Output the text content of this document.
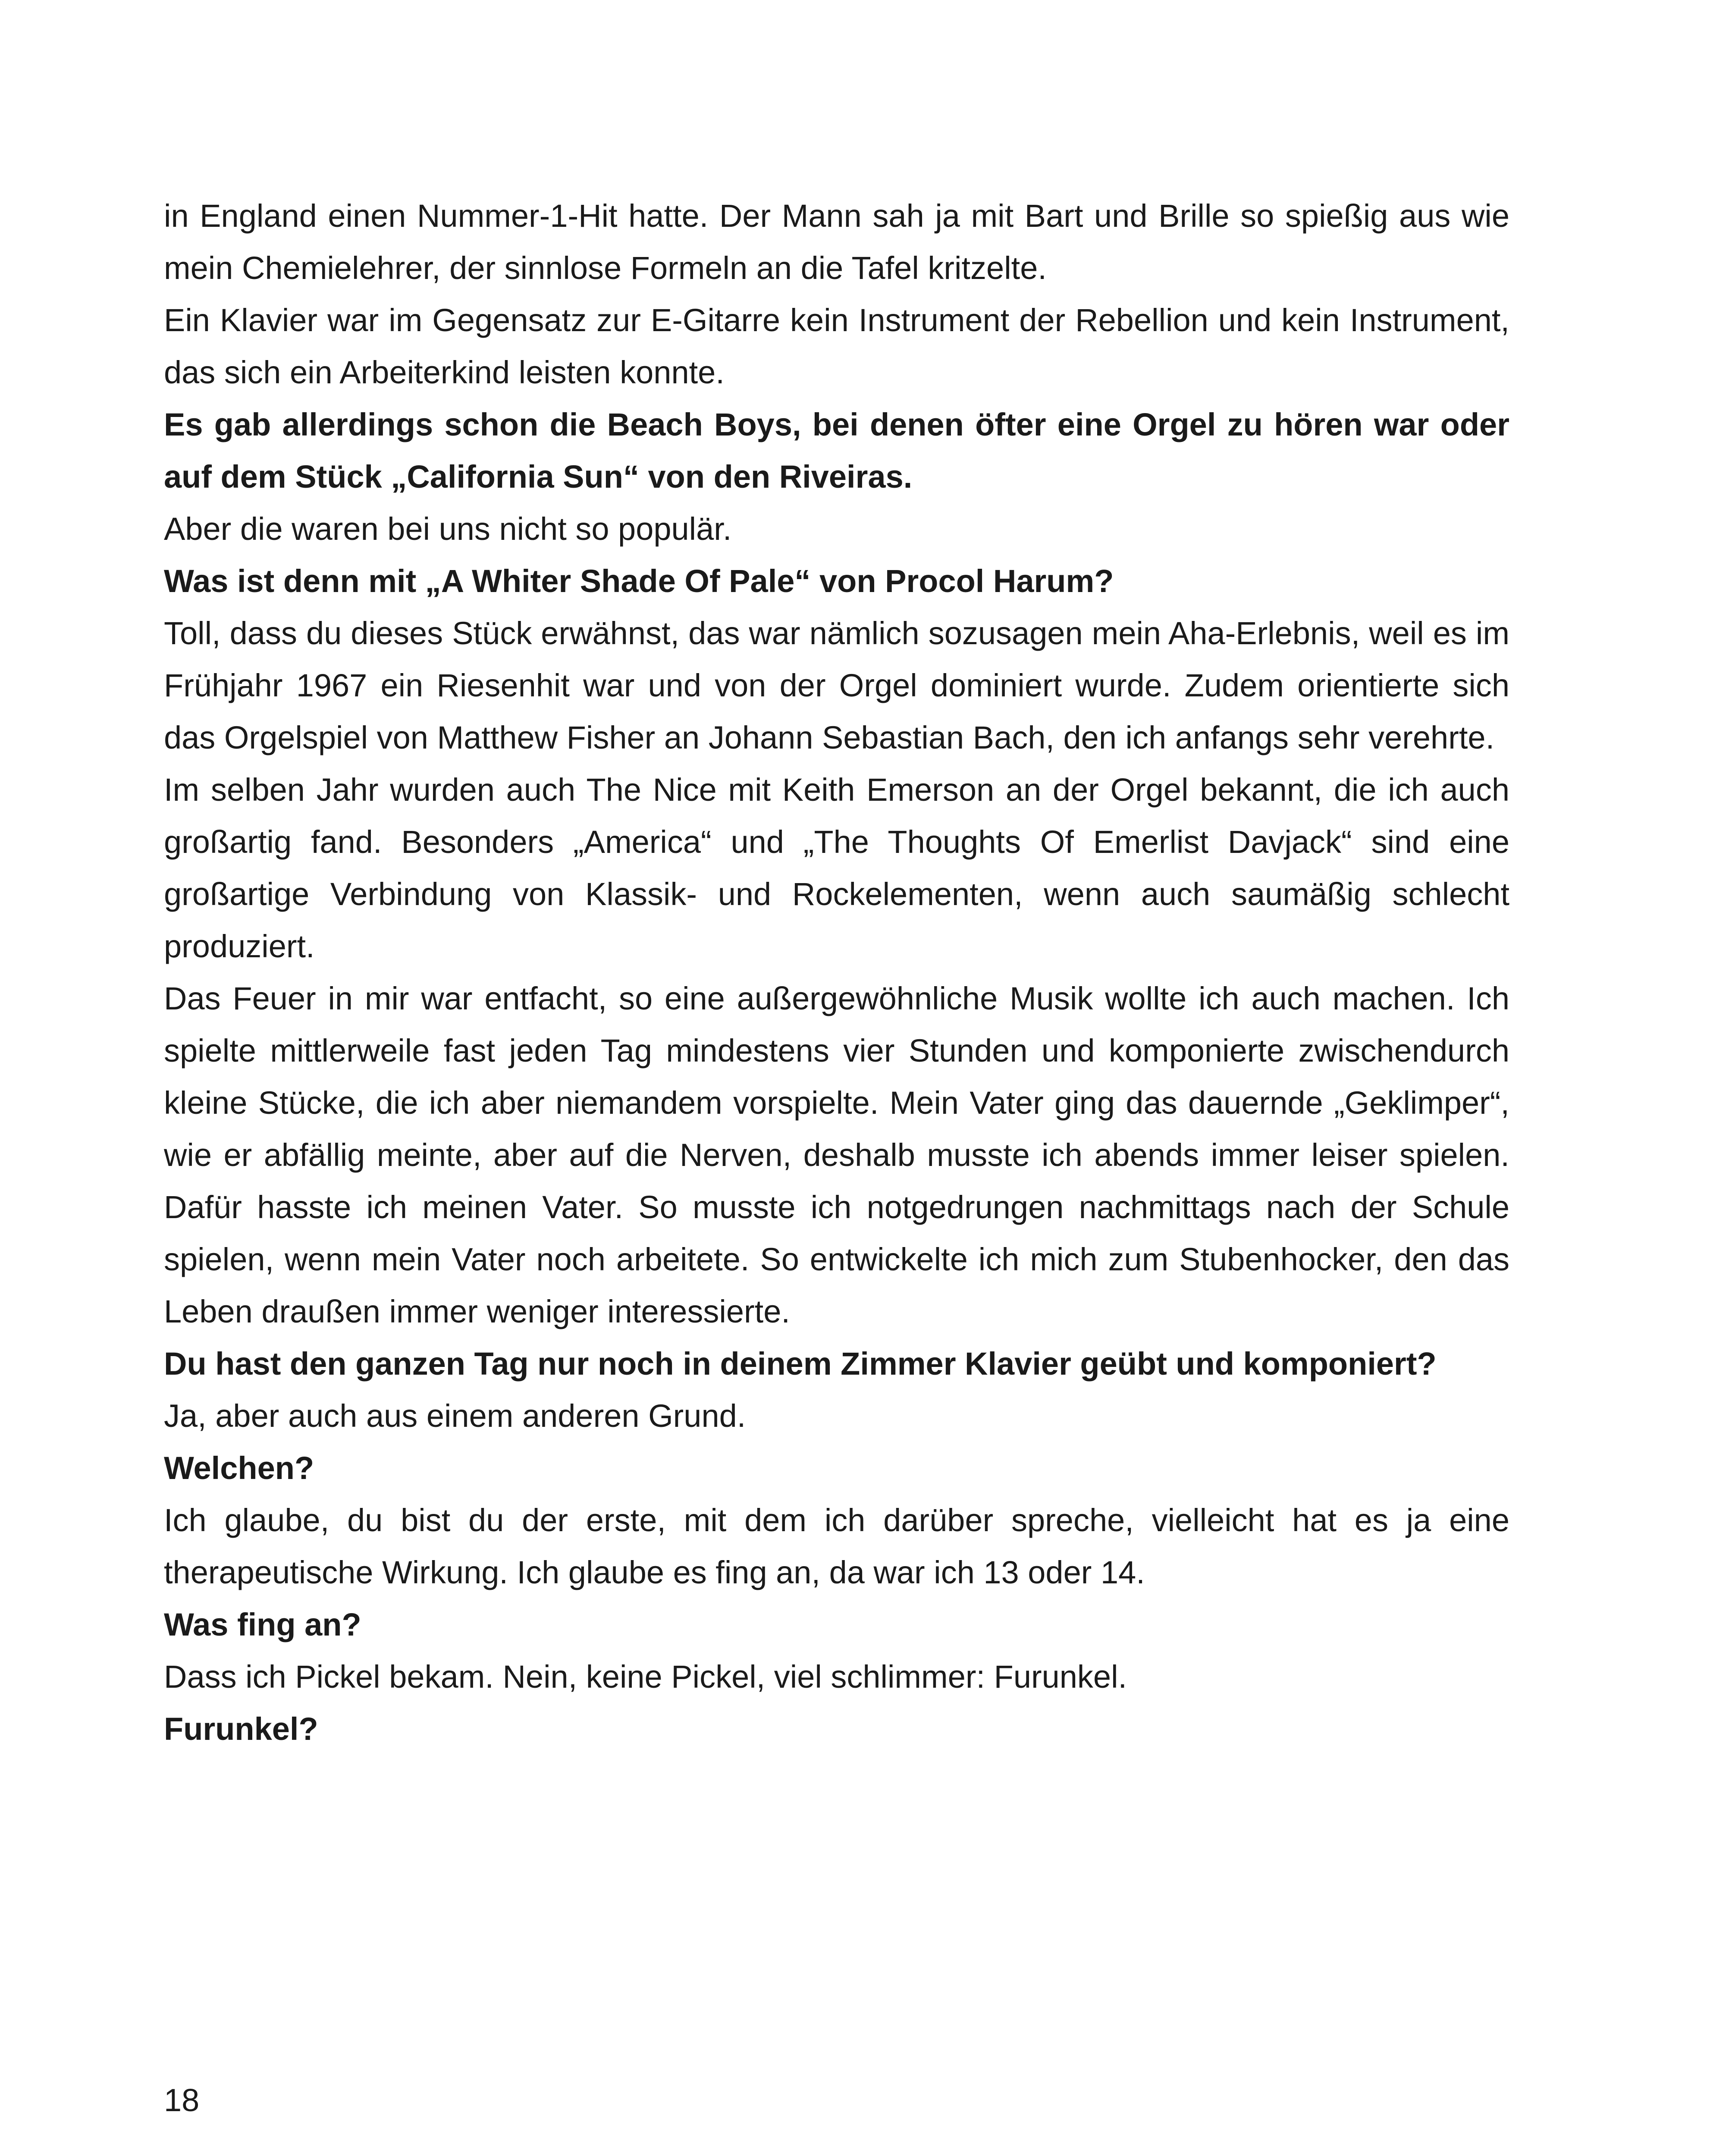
in England einen Nummer-1-Hit hatte. Der Mann sah ja mit Bart und Brille so spießig aus wie mein Chemielehrer, der sinnlose Formeln an die Tafel kritzelte.

Ein Klavier war im Gegensatz zur E-Gitarre kein Instrument der Rebellion und kein Instrument, das sich ein Arbeiterkind leisten konnte.

Es gab allerdings schon die Beach Boys, bei denen öfter eine Orgel zu hören war oder auf dem Stück „California Sun“ von den Riveiras.

Aber die waren bei uns nicht so populär.

Was ist denn mit „A Whiter Shade Of Pale“ von Procol Harum?

Toll, dass du dieses Stück erwähnst, das war nämlich sozusagen mein Aha-Erlebnis, weil es im Frühjahr 1967 ein Riesenhit war und von der Orgel dominiert wurde. Zudem orientierte sich das Orgelspiel von Matthew Fisher an Johann Sebastian Bach, den ich anfangs sehr verehrte.

Im selben Jahr wurden auch The Nice mit Keith Emerson an der Orgel bekannt, die ich auch großartig fand. Besonders „America“ und „The Thoughts Of Emerlist Davjack“ sind eine großartige Verbindung von Klassik- und Rockelementen, wenn auch saumäßig schlecht produziert.

Das Feuer in mir war entfacht, so eine außergewöhnliche Musik wollte ich auch machen. Ich spielte mittlerweile fast jeden Tag mindestens vier Stunden und komponierte zwischendurch kleine Stücke, die ich aber niemandem vorspielte. Mein Vater ging das dauernde „Geklimper“, wie er abfällig meinte, aber auf die Nerven, deshalb musste ich abends immer leiser spielen. Dafür hasste ich meinen Vater. So musste ich notgedrungen nachmittags nach der Schule spielen, wenn mein Vater noch arbeitete. So entwickelte ich mich zum Stubenhocker, den das Leben draußen immer weniger interessierte.

Du hast den ganzen Tag nur noch in deinem Zimmer Klavier geübt und komponiert?

Ja, aber auch aus einem anderen Grund.

Welchen?

Ich glaube, du bist du der erste, mit dem ich darüber spreche, vielleicht hat es ja eine therapeutische Wirkung. Ich glaube es fing an, da war ich 13 oder 14.

Was fing an?

Dass ich Pickel bekam. Nein, keine Pickel, viel schlimmer: Furunkel.

Furunkel?

18
